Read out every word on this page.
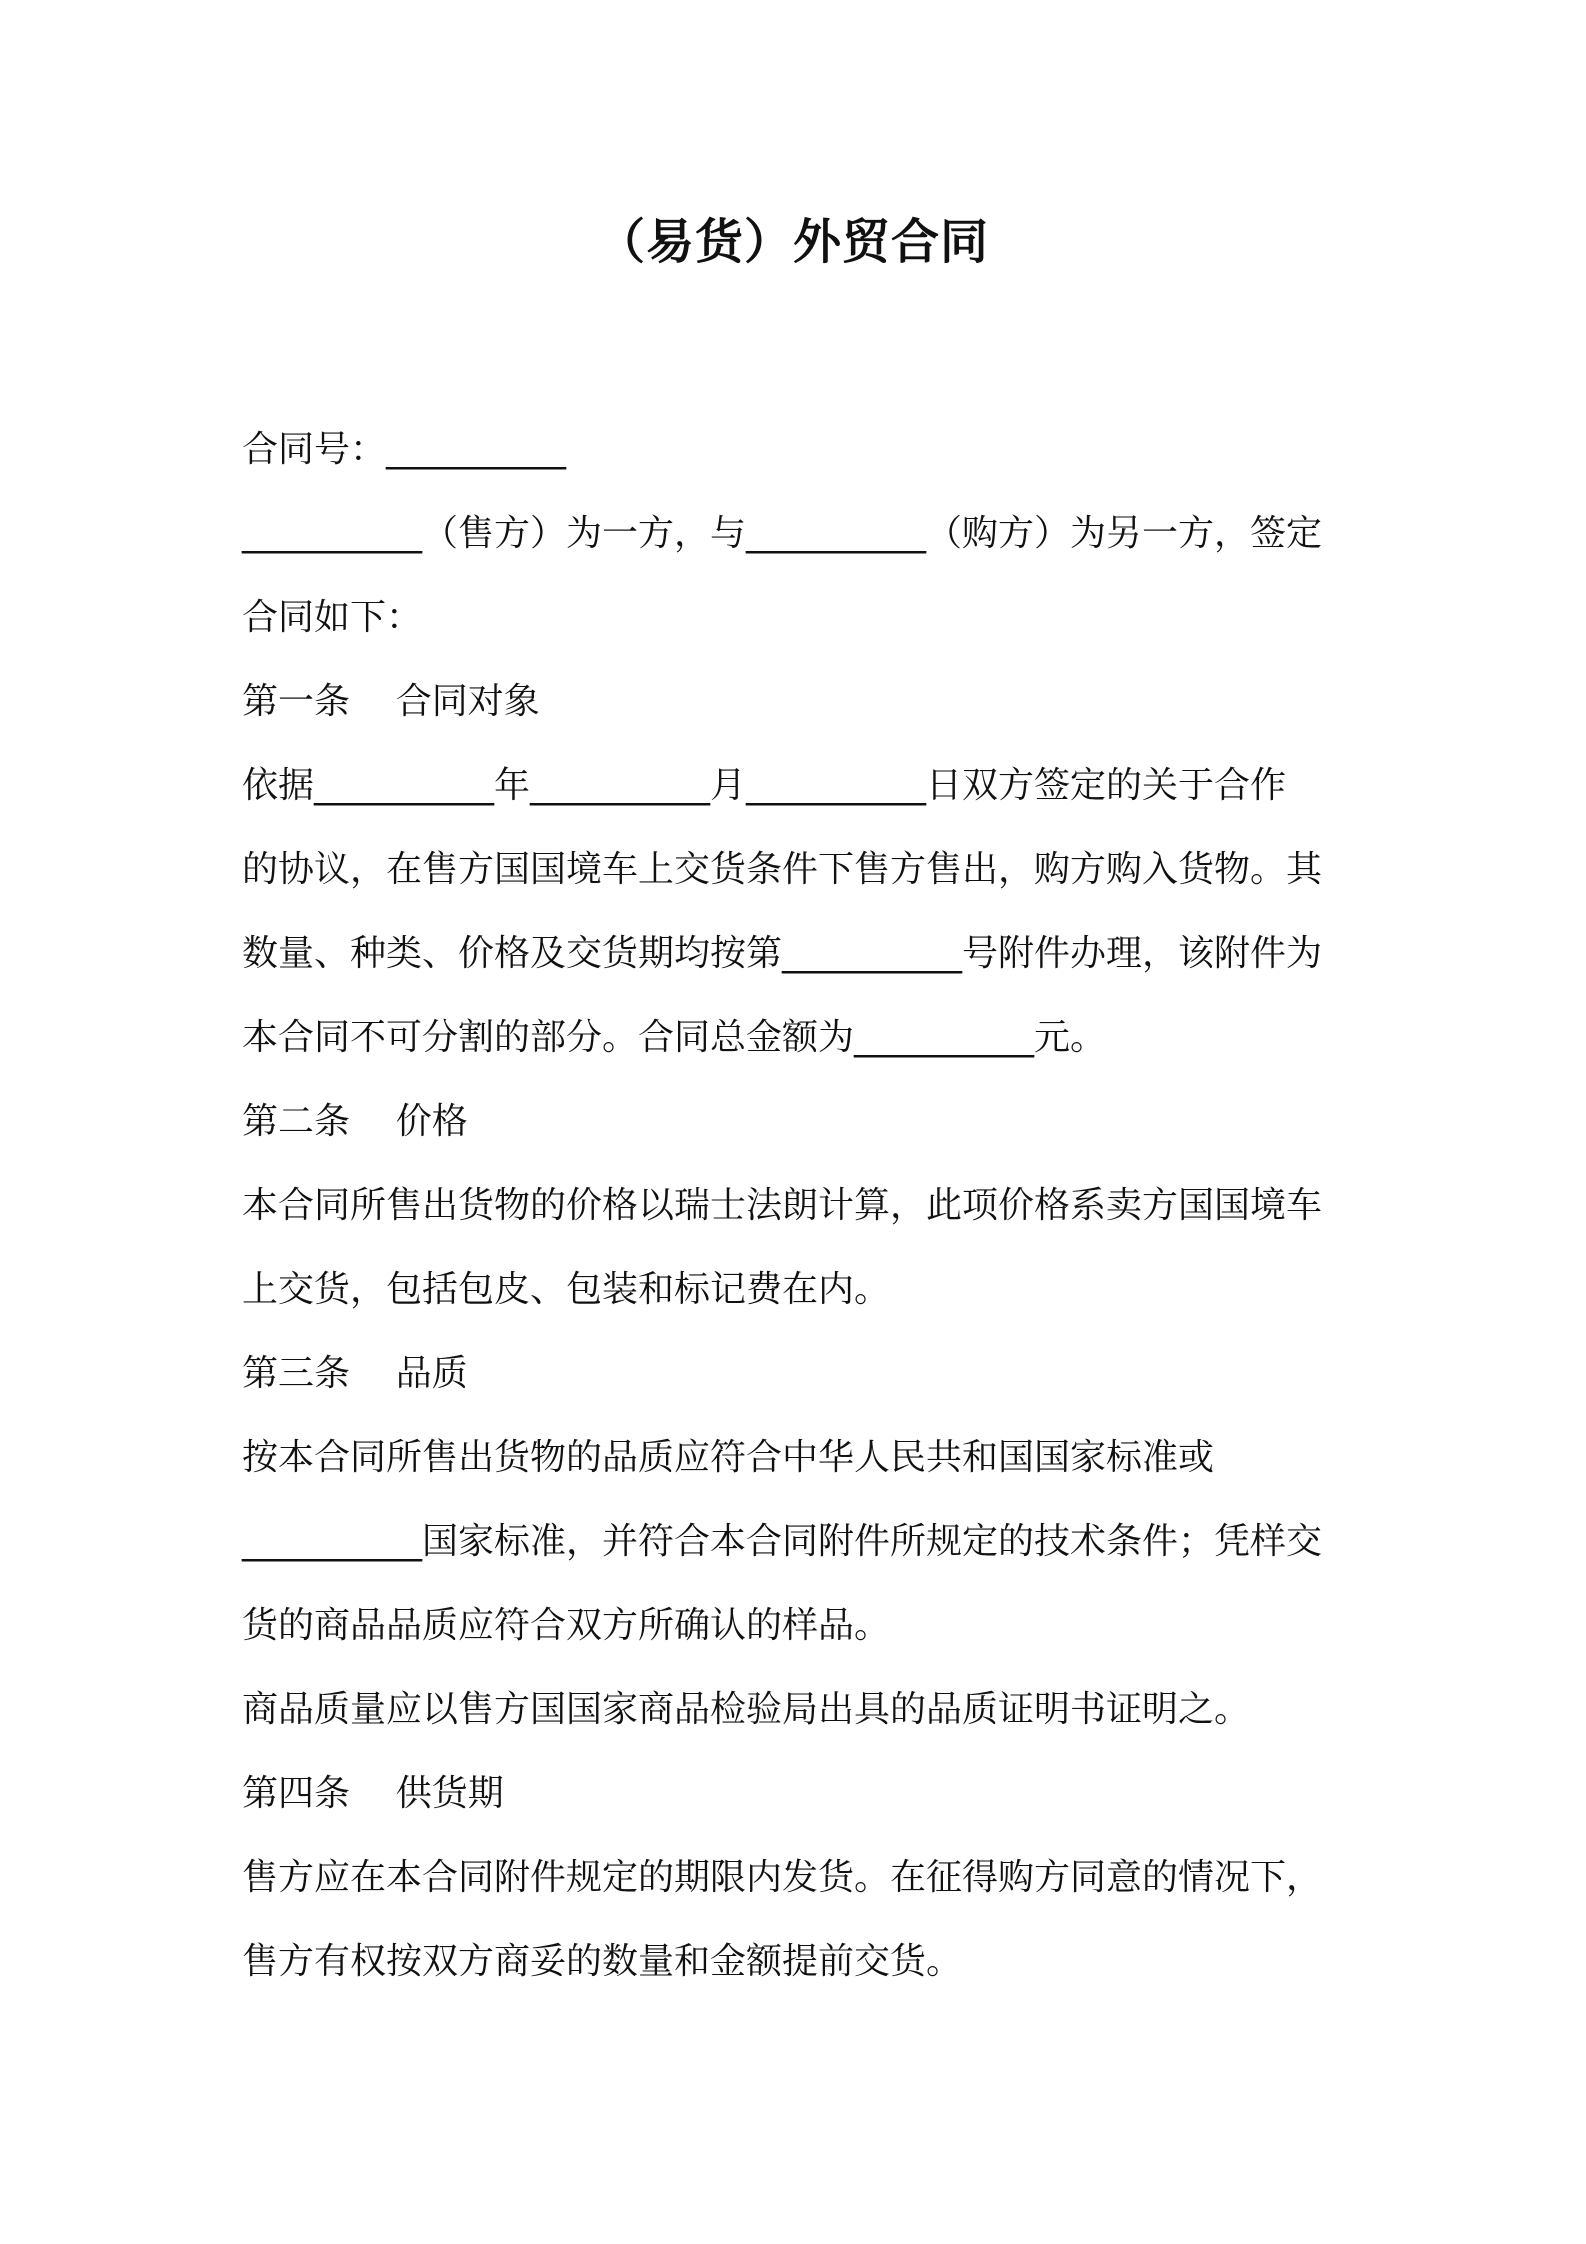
（易货）外贸合同

合同号：__________

__________（售方）为一方，与__________（购方）为另一方，签定

合同如下：

第一条    合同对象

依据__________年__________月__________日双方签定的关于合作

的协议，在售方国国境车上交货条件下售方售出，购方购入货物。其

数量、种类、价格及交货期均按第__________号附件办理，该附件为

本合同不可分割的部分。合同总金额为__________元。

第二条    价格

本合同所售出货物的价格以瑞士法朗计算，此项价格系卖方国国境车

上交货，包括包皮、包装和标记费在内。

第三条    品质

按本合同所售出货物的品质应符合中华人民共和国国家标准或

__________国家标准，并符合本合同附件所规定的技术条件；凭样交

货的商品品质应符合双方所确认的样品。

商品质量应以售方国国家商品检验局出具的品质证明书证明之。

第四条    供货期

售方应在本合同附件规定的期限内发货。在征得购方同意的情况下，

售方有权按双方商妥的数量和金额提前交货。
